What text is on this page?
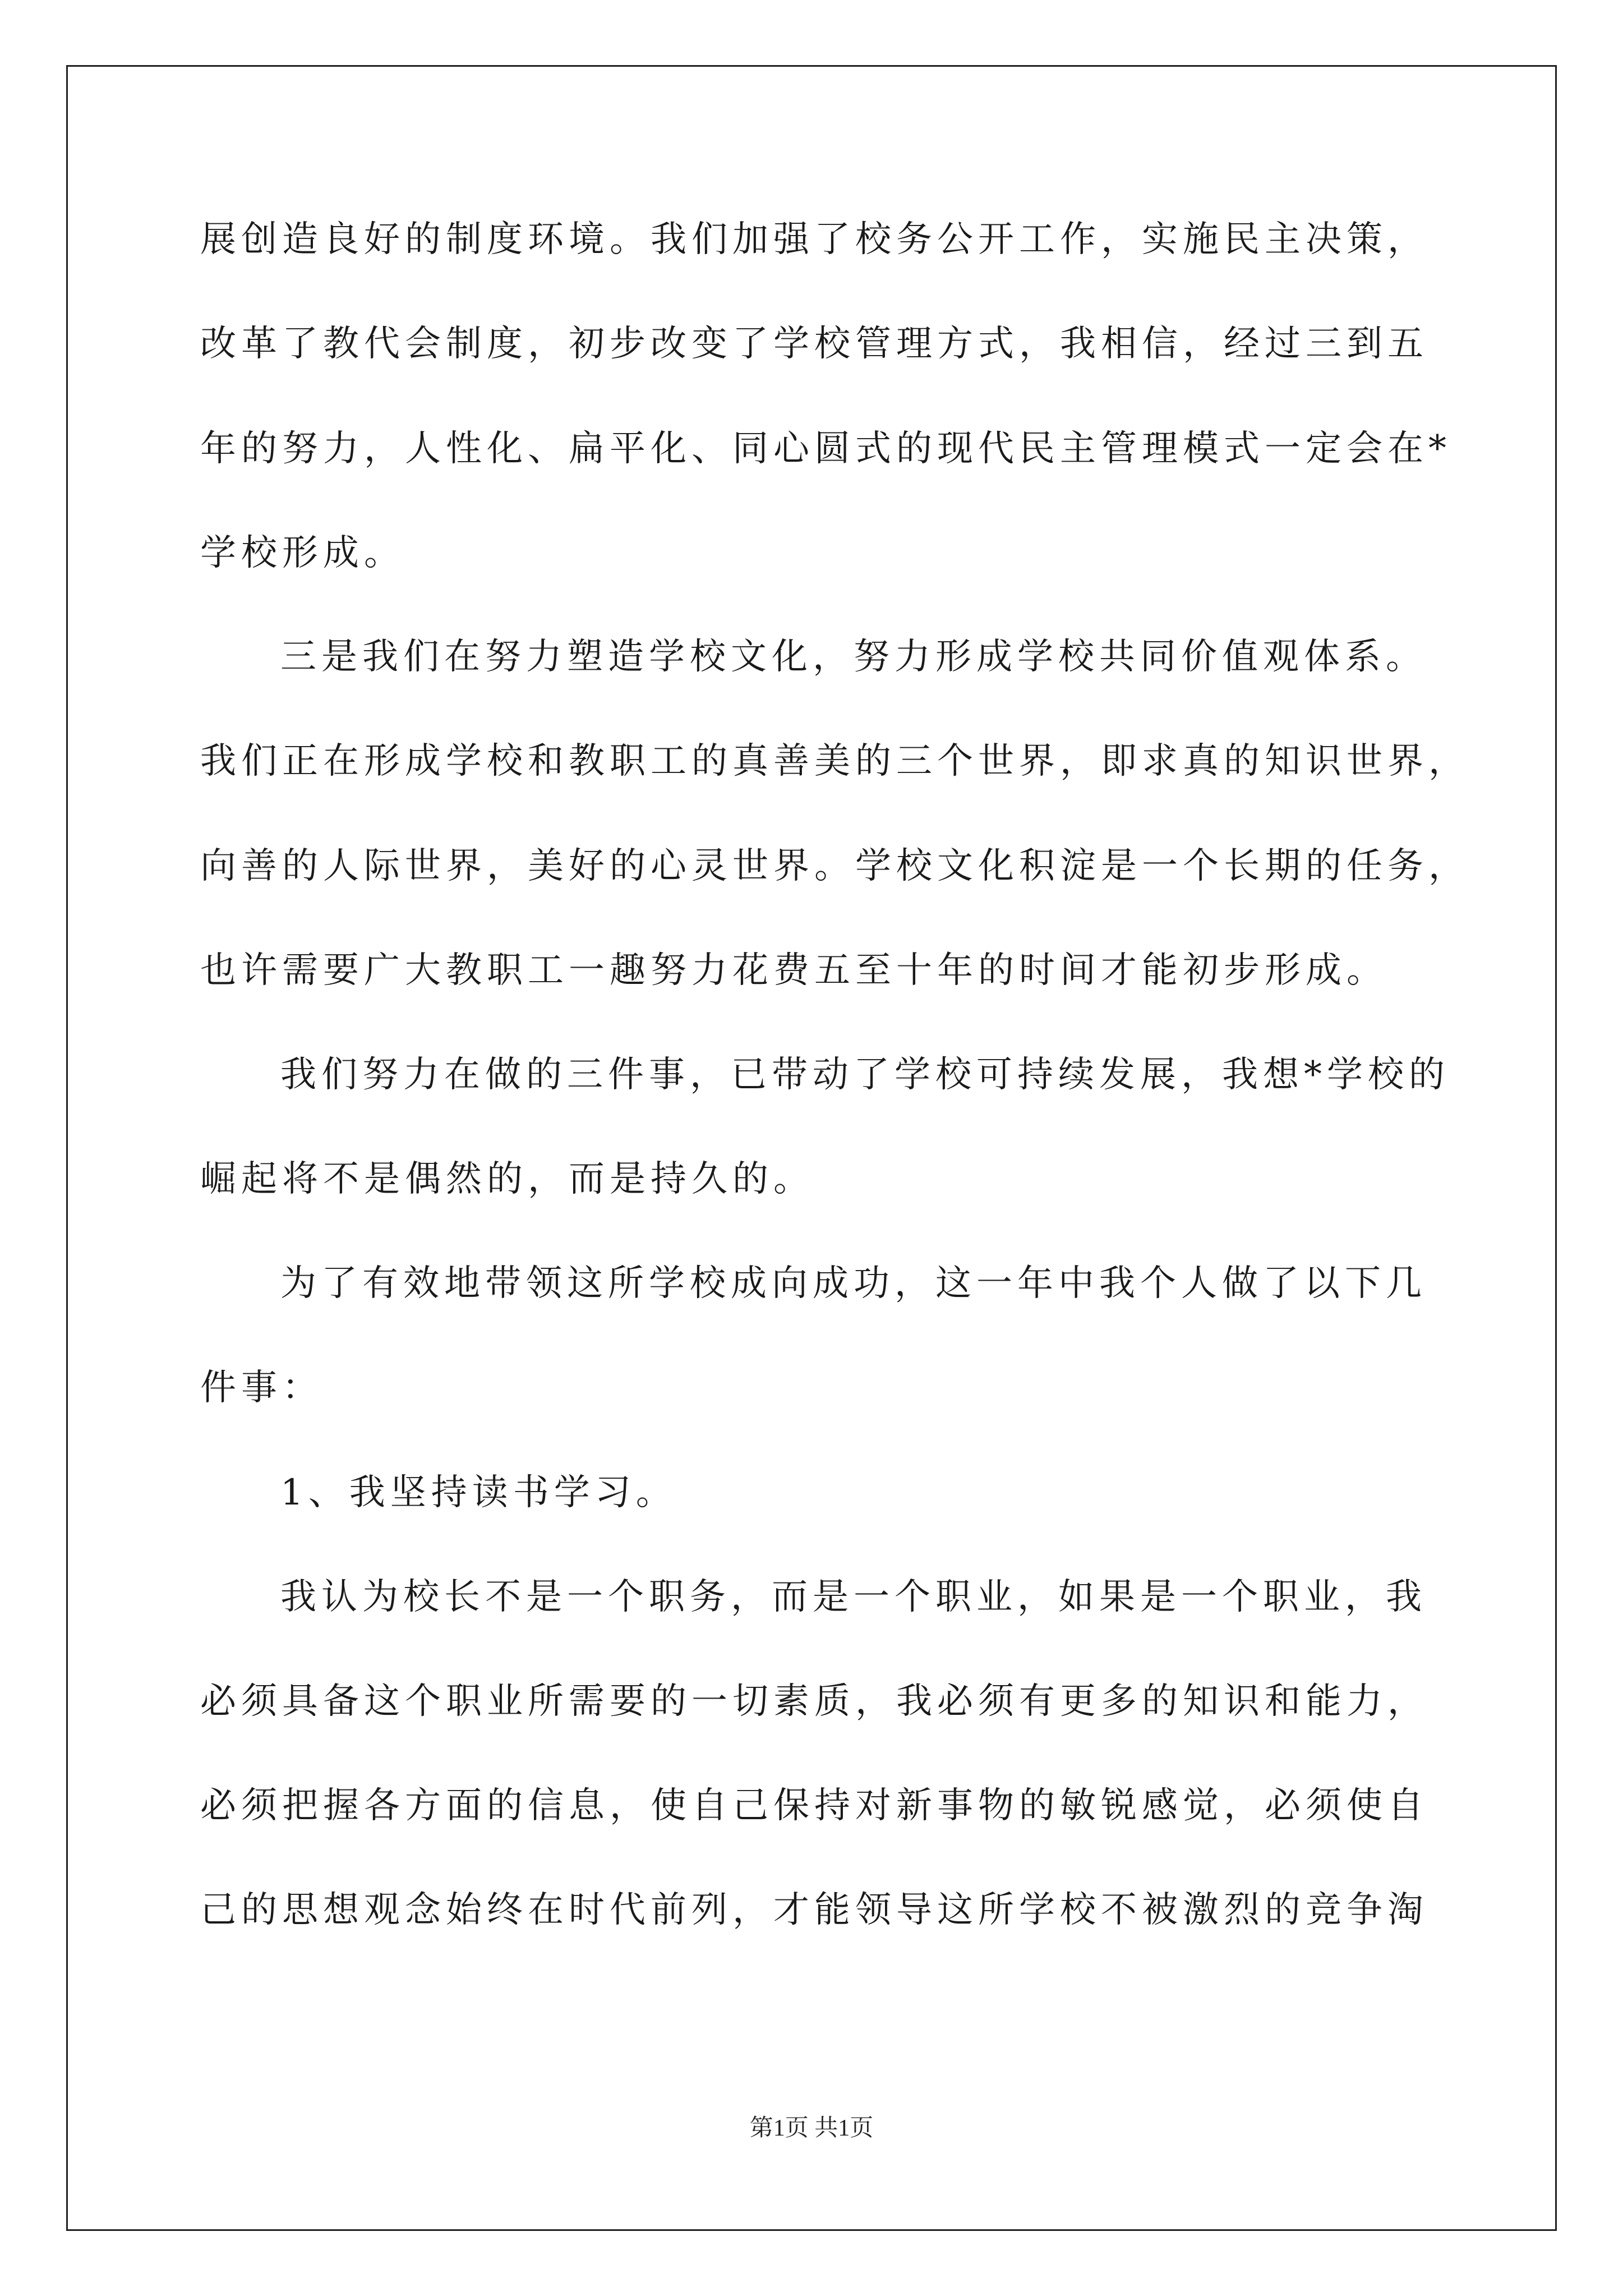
展创造良好的制度环境。我们加强了校务公开工作，实施民主决策，
改革了教代会制度，初步改变了学校管理方式，我相信，经过三到五
年的努力，人性化、扁平化、同心圆式的现代民主管理模式一定会在*
学校形成。
三是我们在努力塑造学校文化，努力形成学校共同价值观体系。
我们正在形成学校和教职工的真善美的三个世界，即求真的知识世界，
向善的人际世界，美好的心灵世界。学校文化积淀是一个长期的任务，
也许需要广大教职工一趣努力花费五至十年的时间才能初步形成。
我们努力在做的三件事，已带动了学校可持续发展，我想*学校的
崛起将不是偶然的，而是持久的。
为了有效地带领这所学校成向成功，这一年中我个人做了以下几
件事：
1、我坚持读书学习。
我认为校长不是一个职务，而是一个职业，如果是一个职业，我
必须具备这个职业所需要的一切素质，我必须有更多的知识和能力，
必须把握各方面的信息，使自己保持对新事物的敏锐感觉，必须使自
己的思想观念始终在时代前列，才能领导这所学校不被激烈的竞争淘
第1页 共1页
